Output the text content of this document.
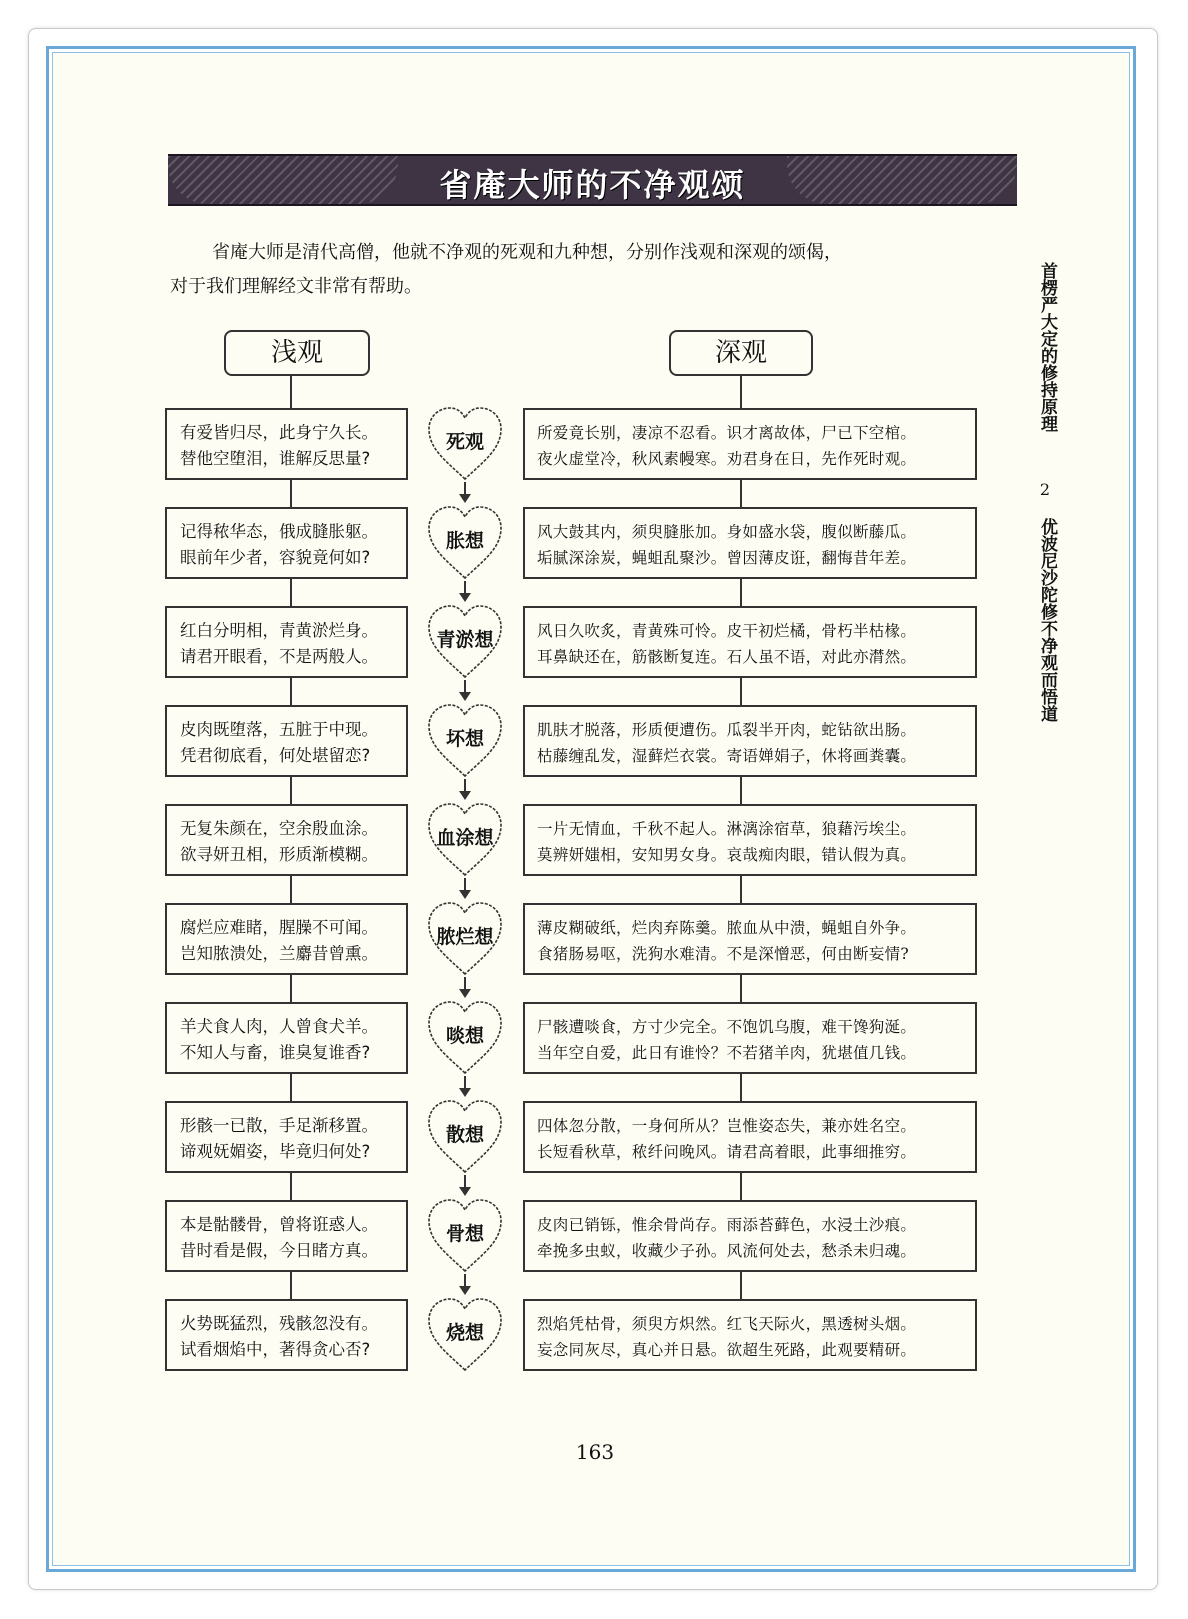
省庵大师的不净观颂
省庵大师是清代高僧，他就不净观的死观和九种想，分别作浅观和深观的颂偈，
对于我们理解经文非常有帮助。	首楞严大定的修持原理
2
优波尼沙陀修不净观而悟道
浅观	深观
有爱皆归尽，此身宁久长。
替他空堕泪，谁解反思量?
所爱竟长别，凄凉不忍看。识才离故体，尸已下空棺。
夜火虚堂冷，秋风素幔寒。劝君身在日，先作死时观。
死观
记得秾华态，俄成膖胀躯。
眼前年少者，容貌竟何如?
风大鼓其内，须臾膖胀加。身如盛水袋，腹似断藤瓜。
垢腻深涂炭，蝇蛆乱聚沙。曾因薄皮诳，翻悔昔年差。
胀想
红白分明相，青黄淤烂身。
请君开眼看，不是两般人。
风日久吹炙，青黄殊可怜。皮干初烂橘，骨朽半枯椽。
耳鼻缺还在，筋骸断复连。石人虽不语，对此亦潸然。
青淤想
皮肉既堕落，五脏于中现。
凭君彻底看，何处堪留恋?
肌肤才脱落，形质便遭伤。瓜裂半开肉，蛇钻欲出肠。
枯藤缠乱发，湿藓烂衣裳。寄语婵娟子，休将画粪囊。
坏想
无复朱颜在，空余殷血涂。
欲寻妍丑相，形质渐模糊。
一片无情血，千秋不起人。淋漓涂宿草，狼藉污埃尘。
莫辨妍媸相，安知男女身。哀哉痴肉眼，错认假为真。
血涂想
腐烂应难睹，腥臊不可闻。
岂知脓溃处，兰麝昔曾熏。
薄皮糊破纸，烂肉弃陈羹。脓血从中溃，蝇蛆自外争。
食猪肠易呕，洗狗水难清。不是深憎恶，何由断妄情?
脓烂想
羊犬食人肉，人曾食犬羊。
不知人与畜，谁臭复谁香?
尸骸遭啖食，方寸少完全。不饱饥乌腹，难干馋狗涎。
当年空自爱，此日有谁怜？不若猪羊肉，犹堪值几钱。
啖想
形骸一已散，手足渐移置。
谛观妩媚姿，毕竟归何处?
四体忽分散，一身何所从？岂惟姿态失，兼亦姓名空。
长短看秋草，秾纤问晚风。请君高着眼，此事细推穷。
散想
本是骷髅骨，曾将诳惑人。
昔时看是假，今日睹方真。
皮肉已销铄，惟余骨尚存。雨添苔藓色，水浸土沙痕。
牵挽多虫蚁，收藏少子孙。风流何处去，愁杀未归魂。
骨想
火势既猛烈，残骸忽没有。
试看烟焰中，著得贪心否?
烈焰凭枯骨，须臾方炽然。红飞天际火，黑透树头烟。
妄念同灰尽，真心并日悬。欲超生死路，此观要精研。
烧想
163
